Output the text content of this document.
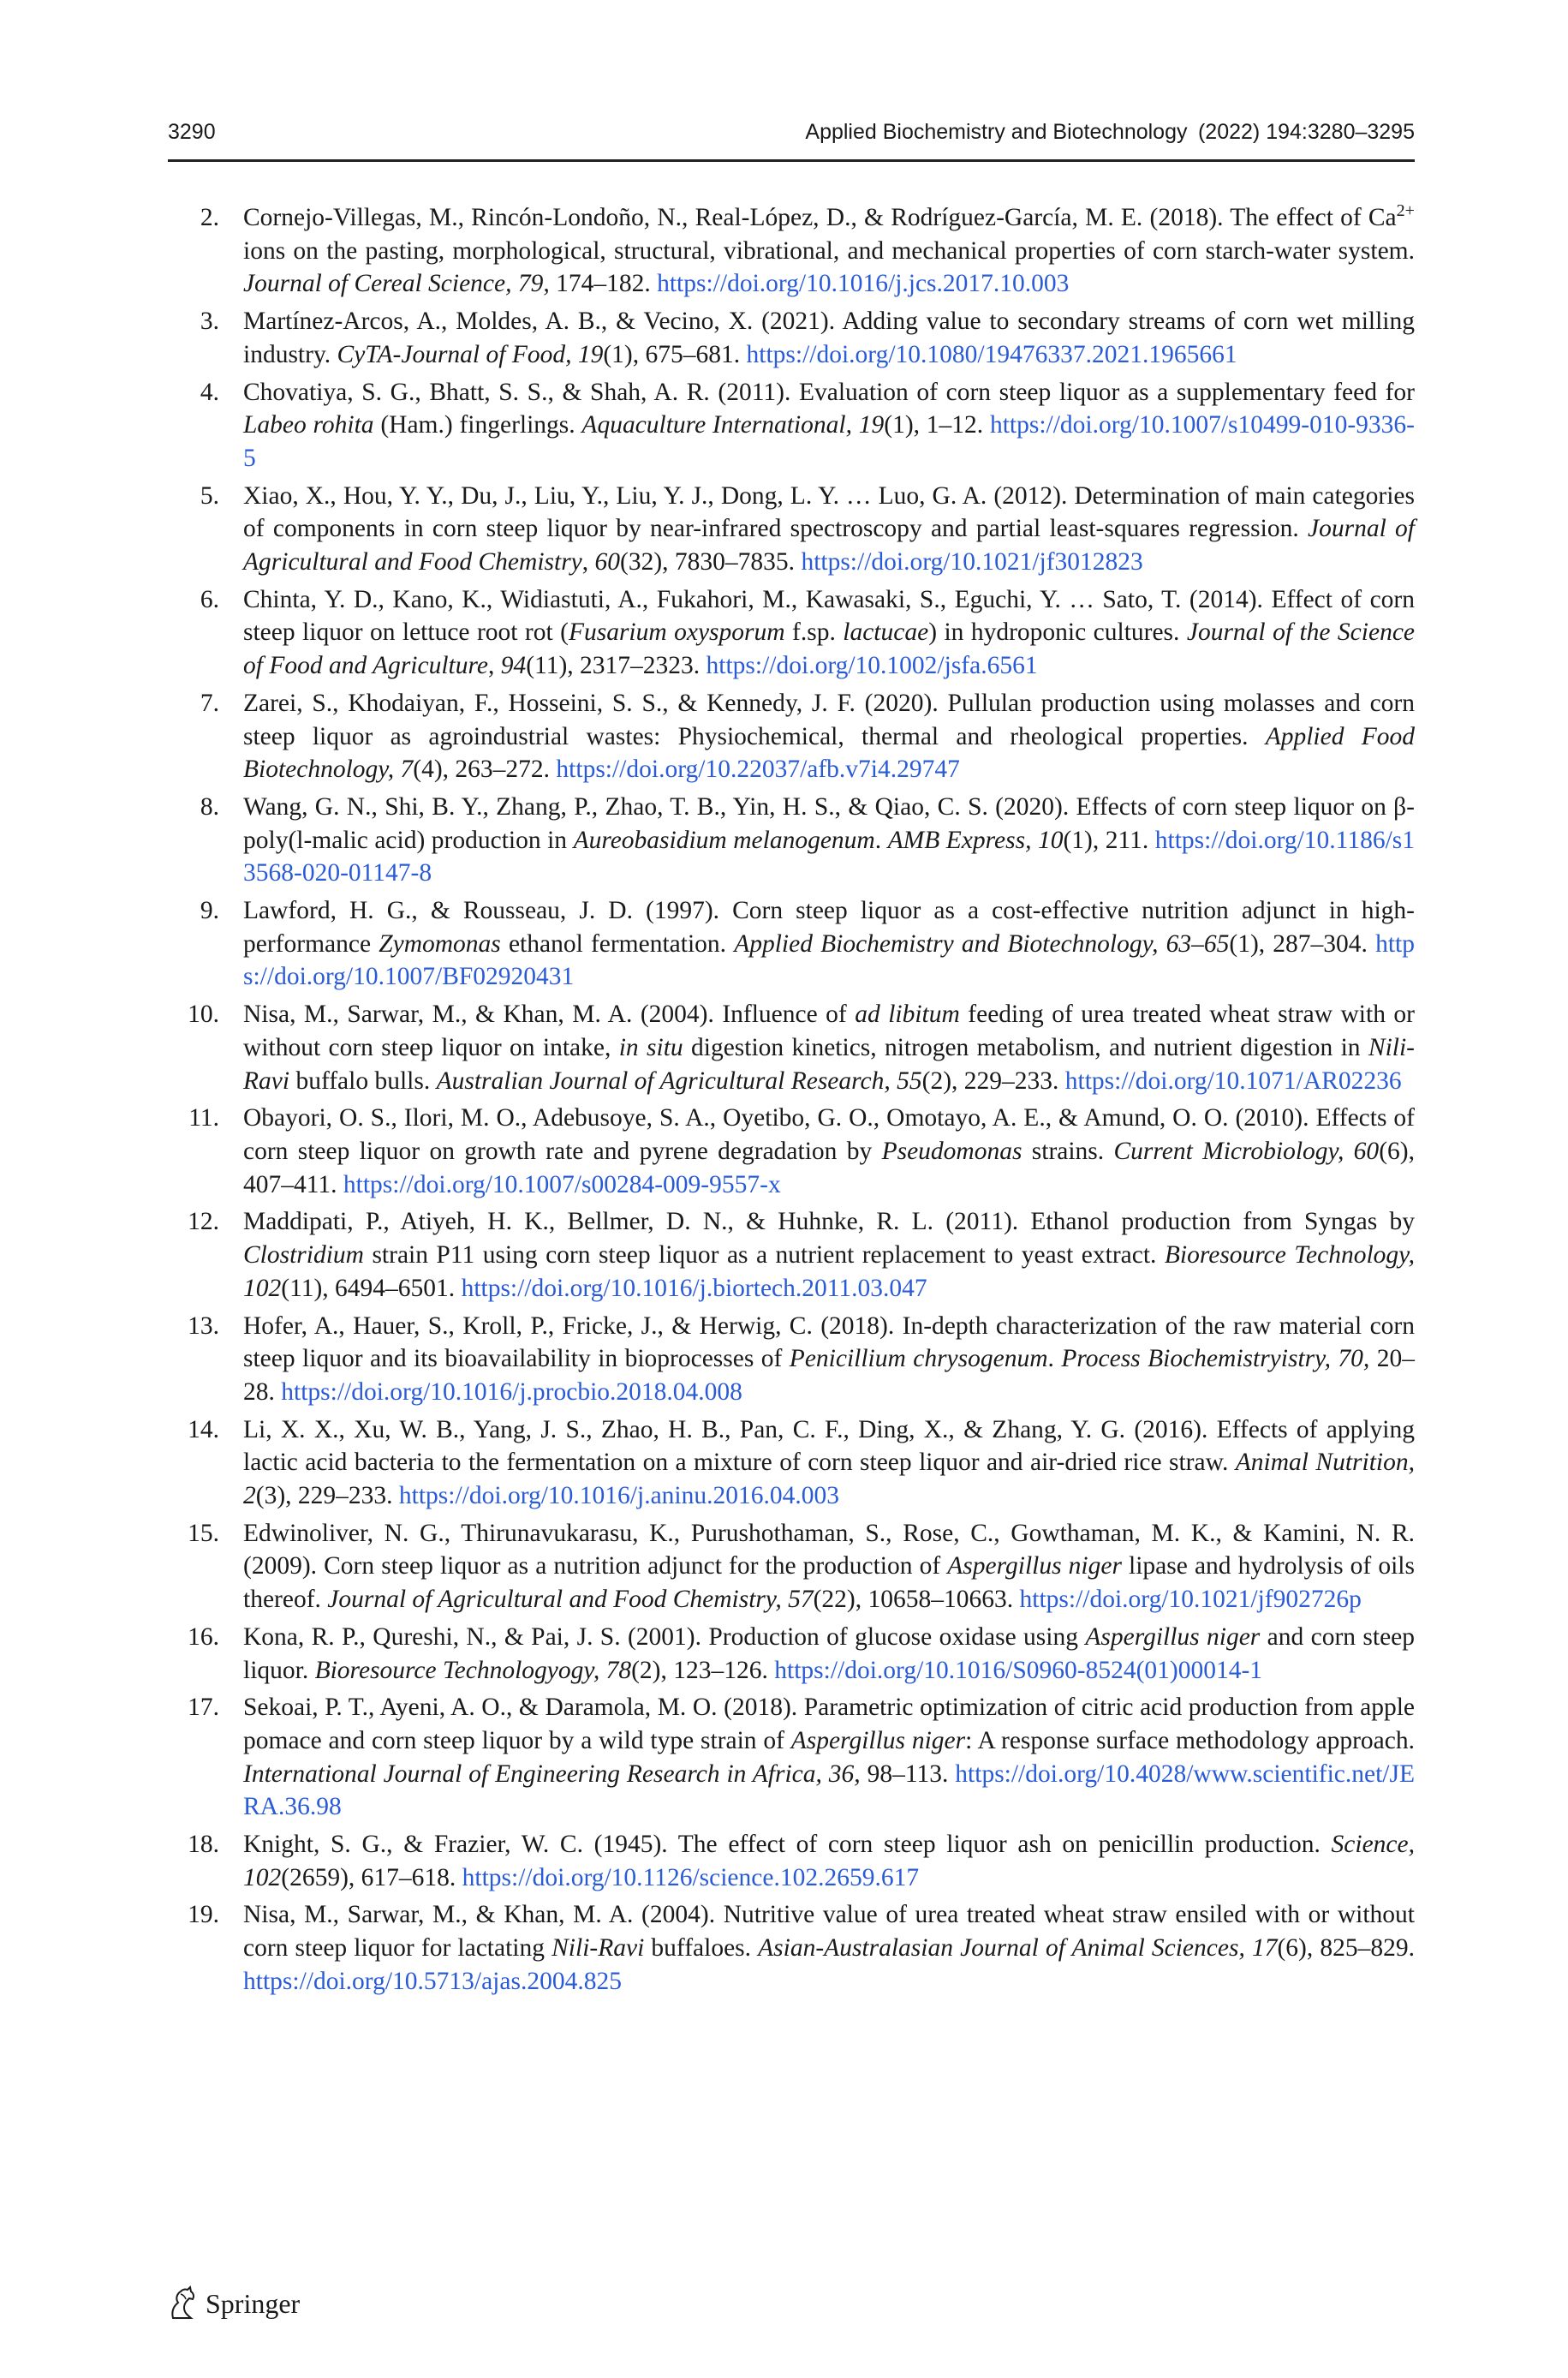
3290	Applied Biochemistry and Biotechnology (2022) 194:3280–3295
2. Cornejo-Villegas, M., Rincón-Londoño, N., Real-López, D., & Rodríguez-García, M. E. (2018). The effect of $Ca^{2+}$ ions on the pasting, morphological, structural, vibrational, and mechanical properties of corn starch-water system. Journal of Cereal Science, 79, 174–182. https://doi.org/10.1016/j.jcs.2017.10.003
3. Martínez-Arcos, A., Moldes, A. B., & Vecino, X. (2021). Adding value to secondary streams of corn wet milling industry. CyTA-Journal of Food, 19(1), 675–681. https://doi.org/10.1080/19476337.2021.1965661
4. Chovatiya, S. G., Bhatt, S. S., & Shah, A. R. (2011). Evaluation of corn steep liquor as a supplementary feed for Labeo rohita (Ham.) fingerlings. Aquaculture International, 19(1), 1–12. https://doi.org/10.1007/s10499-010-9336-5
5. Xiao, X., Hou, Y. Y., Du, J., Liu, Y., Liu, Y. J., Dong, L. Y. … Luo, G. A. (2012). Determination of main categories of components in corn steep liquor by near-infrared spectroscopy and partial least-squares regression. Journal of Agricultural and Food Chemistry, 60(32), 7830–7835. https://doi.org/10.1021/jf3012823
6. Chinta, Y. D., Kano, K., Widiastuti, A., Fukahori, M., Kawasaki, S., Eguchi, Y. … Sato, T. (2014). Effect of corn steep liquor on lettuce root rot (Fusarium oxysporum f.sp. lactucae) in hydroponic cultures. Journal of the Science of Food and Agriculture, 94(11), 2317–2323. https://doi.org/10.1002/jsfa.6561
7. Zarei, S., Khodaiyan, F., Hosseini, S. S., & Kennedy, J. F. (2020). Pullulan production using molasses and corn steep liquor as agroindustrial wastes: Physiochemical, thermal and rheological properties. Applied Food Biotechnology, 7(4), 263–272. https://doi.org/10.22037/afb.v7i4.29747
8. Wang, G. N., Shi, B. Y., Zhang, P., Zhao, T. B., Yin, H. S., & Qiao, C. S. (2020). Effects of corn steep liquor on β-poly(l-malic acid) production in Aureobasidium melanogenum. AMB Express, 10(1), 211. https://doi.org/10.1186/s13568-020-01147-8
9. Lawford, H. G., & Rousseau, J. D. (1997). Corn steep liquor as a cost-effective nutrition adjunct in high-performance Zymomonas ethanol fermentation. Applied Biochemistry and Biotechnology, 63–65(1), 287–304. https://doi.org/10.1007/BF02920431
10. Nisa, M., Sarwar, M., & Khan, M. A. (2004). Influence of ad libitum feeding of urea treated wheat straw with or without corn steep liquor on intake, in situ digestion kinetics, nitrogen metabolism, and nutrient digestion in Nili-Ravi buffalo bulls. Australian Journal of Agricultural Research, 55(2), 229–233. https://doi.org/10.1071/AR02236
11. Obayori, O. S., Ilori, M. O., Adebusoye, S. A., Oyetibo, G. O., Omotayo, A. E., & Amund, O. O. (2010). Effects of corn steep liquor on growth rate and pyrene degradation by Pseudomonas strains. Current Microbiology, 60(6), 407–411. https://doi.org/10.1007/s00284-009-9557-x
12. Maddipati, P., Atiyeh, H. K., Bellmer, D. N., & Huhnke, R. L. (2011). Ethanol production from Syngas by Clostridium strain P11 using corn steep liquor as a nutrient replacement to yeast extract. Bioresource Technology, 102(11), 6494–6501. https://doi.org/10.1016/j.biortech.2011.03.047
13. Hofer, A., Hauer, S., Kroll, P., Fricke, J., & Herwig, C. (2018). In-depth characterization of the raw material corn steep liquor and its bioavailability in bioprocesses of Penicillium chrysogenum. Process Biochemistryistry, 70, 20–28. https://doi.org/10.1016/j.procbio.2018.04.008
14. Li, X. X., Xu, W. B., Yang, J. S., Zhao, H. B., Pan, C. F., Ding, X., & Zhang, Y. G. (2016). Effects of applying lactic acid bacteria to the fermentation on a mixture of corn steep liquor and air-dried rice straw. Animal Nutrition, 2(3), 229–233. https://doi.org/10.1016/j.aninu.2016.04.003
15. Edwinoliver, N. G., Thirunavukarasu, K., Purushothaman, S., Rose, C., Gowthaman, M. K., & Kamini, N. R. (2009). Corn steep liquor as a nutrition adjunct for the production of Aspergillus niger lipase and hydrolysis of oils thereof. Journal of Agricultural and Food Chemistry, 57(22), 10658–10663. https://doi.org/10.1021/jf902726p
16. Kona, R. P., Qureshi, N., & Pai, J. S. (2001). Production of glucose oxidase using Aspergillus niger and corn steep liquor. Bioresource Technologyogy, 78(2), 123–126. https://doi.org/10.1016/S0960-8524(01)00014-1
17. Sekoai, P. T., Ayeni, A. O., & Daramola, M. O. (2018). Parametric optimization of citric acid production from apple pomace and corn steep liquor by a wild type strain of Aspergillus niger: A response surface methodology approach. International Journal of Engineering Research in Africa, 36, 98–113. https://doi.org/10.4028/www.scientific.net/JERA.36.98
18. Knight, S. G., & Frazier, W. C. (1945). The effect of corn steep liquor ash on penicillin production. Science, 102(2659), 617–618. https://doi.org/10.1126/science.102.2659.617
19. Nisa, M., Sarwar, M., & Khan, M. A. (2004). Nutritive value of urea treated wheat straw ensiled with or without corn steep liquor for lactating Nili-Ravi buffaloes. Asian-Australasian Journal of Animal Sciences, 17(6), 825–829. https://doi.org/10.5713/ajas.2004.825
Springer
